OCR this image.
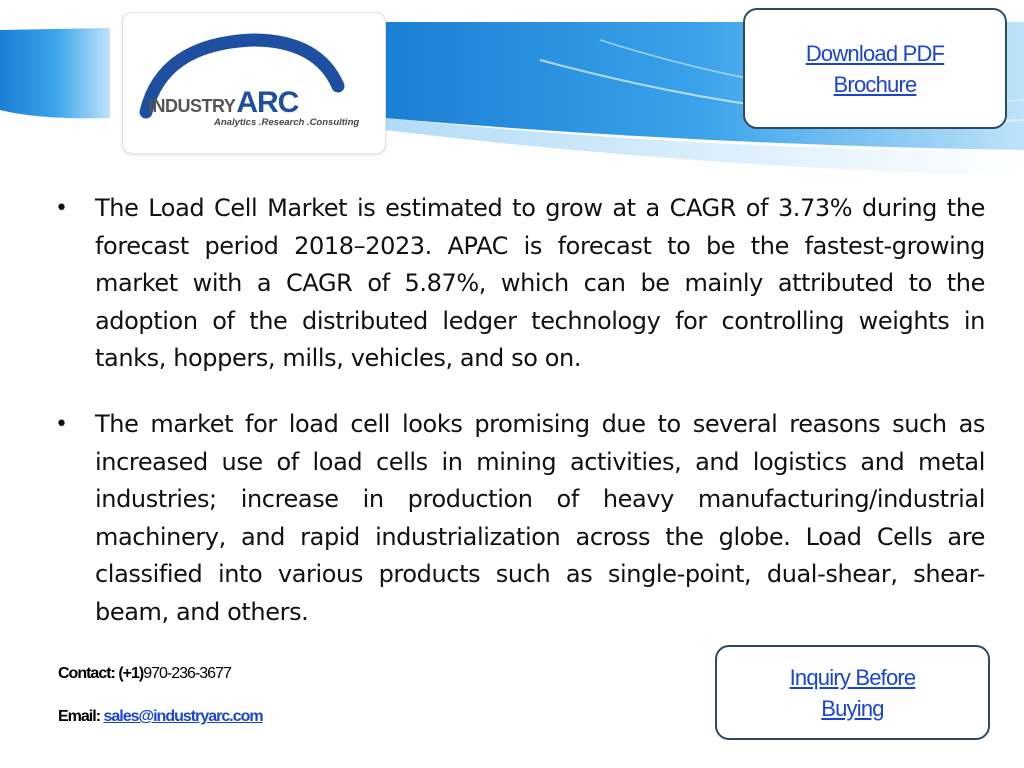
INDUSTRY ARC
Analytics .Research .Consulting
Download PDF
Brochure
• The Load Cell Market is estimated to grow at a CAGR of 3.73% during the forecast period 2018–2023. APAC is forecast to be the fastest-growing market with a CAGR of 5.87%, which can be mainly attributed to the adoption of the distributed ledger technology for controlling weights in tanks, hoppers, mills, vehicles, and so on.
• The market for load cell looks promising due to several reasons such as increased use of load cells in mining activities, and logistics and metal industries; increase in production of heavy manufacturing/industrial machinery, and rapid industrialization across the globe. Load Cells are classified into various products such as single-point, dual-shear, shear-beam, and others.
Contact: (+1)970-236-3677
Email: sales@industryarc.com
Inquiry Before
Buying
